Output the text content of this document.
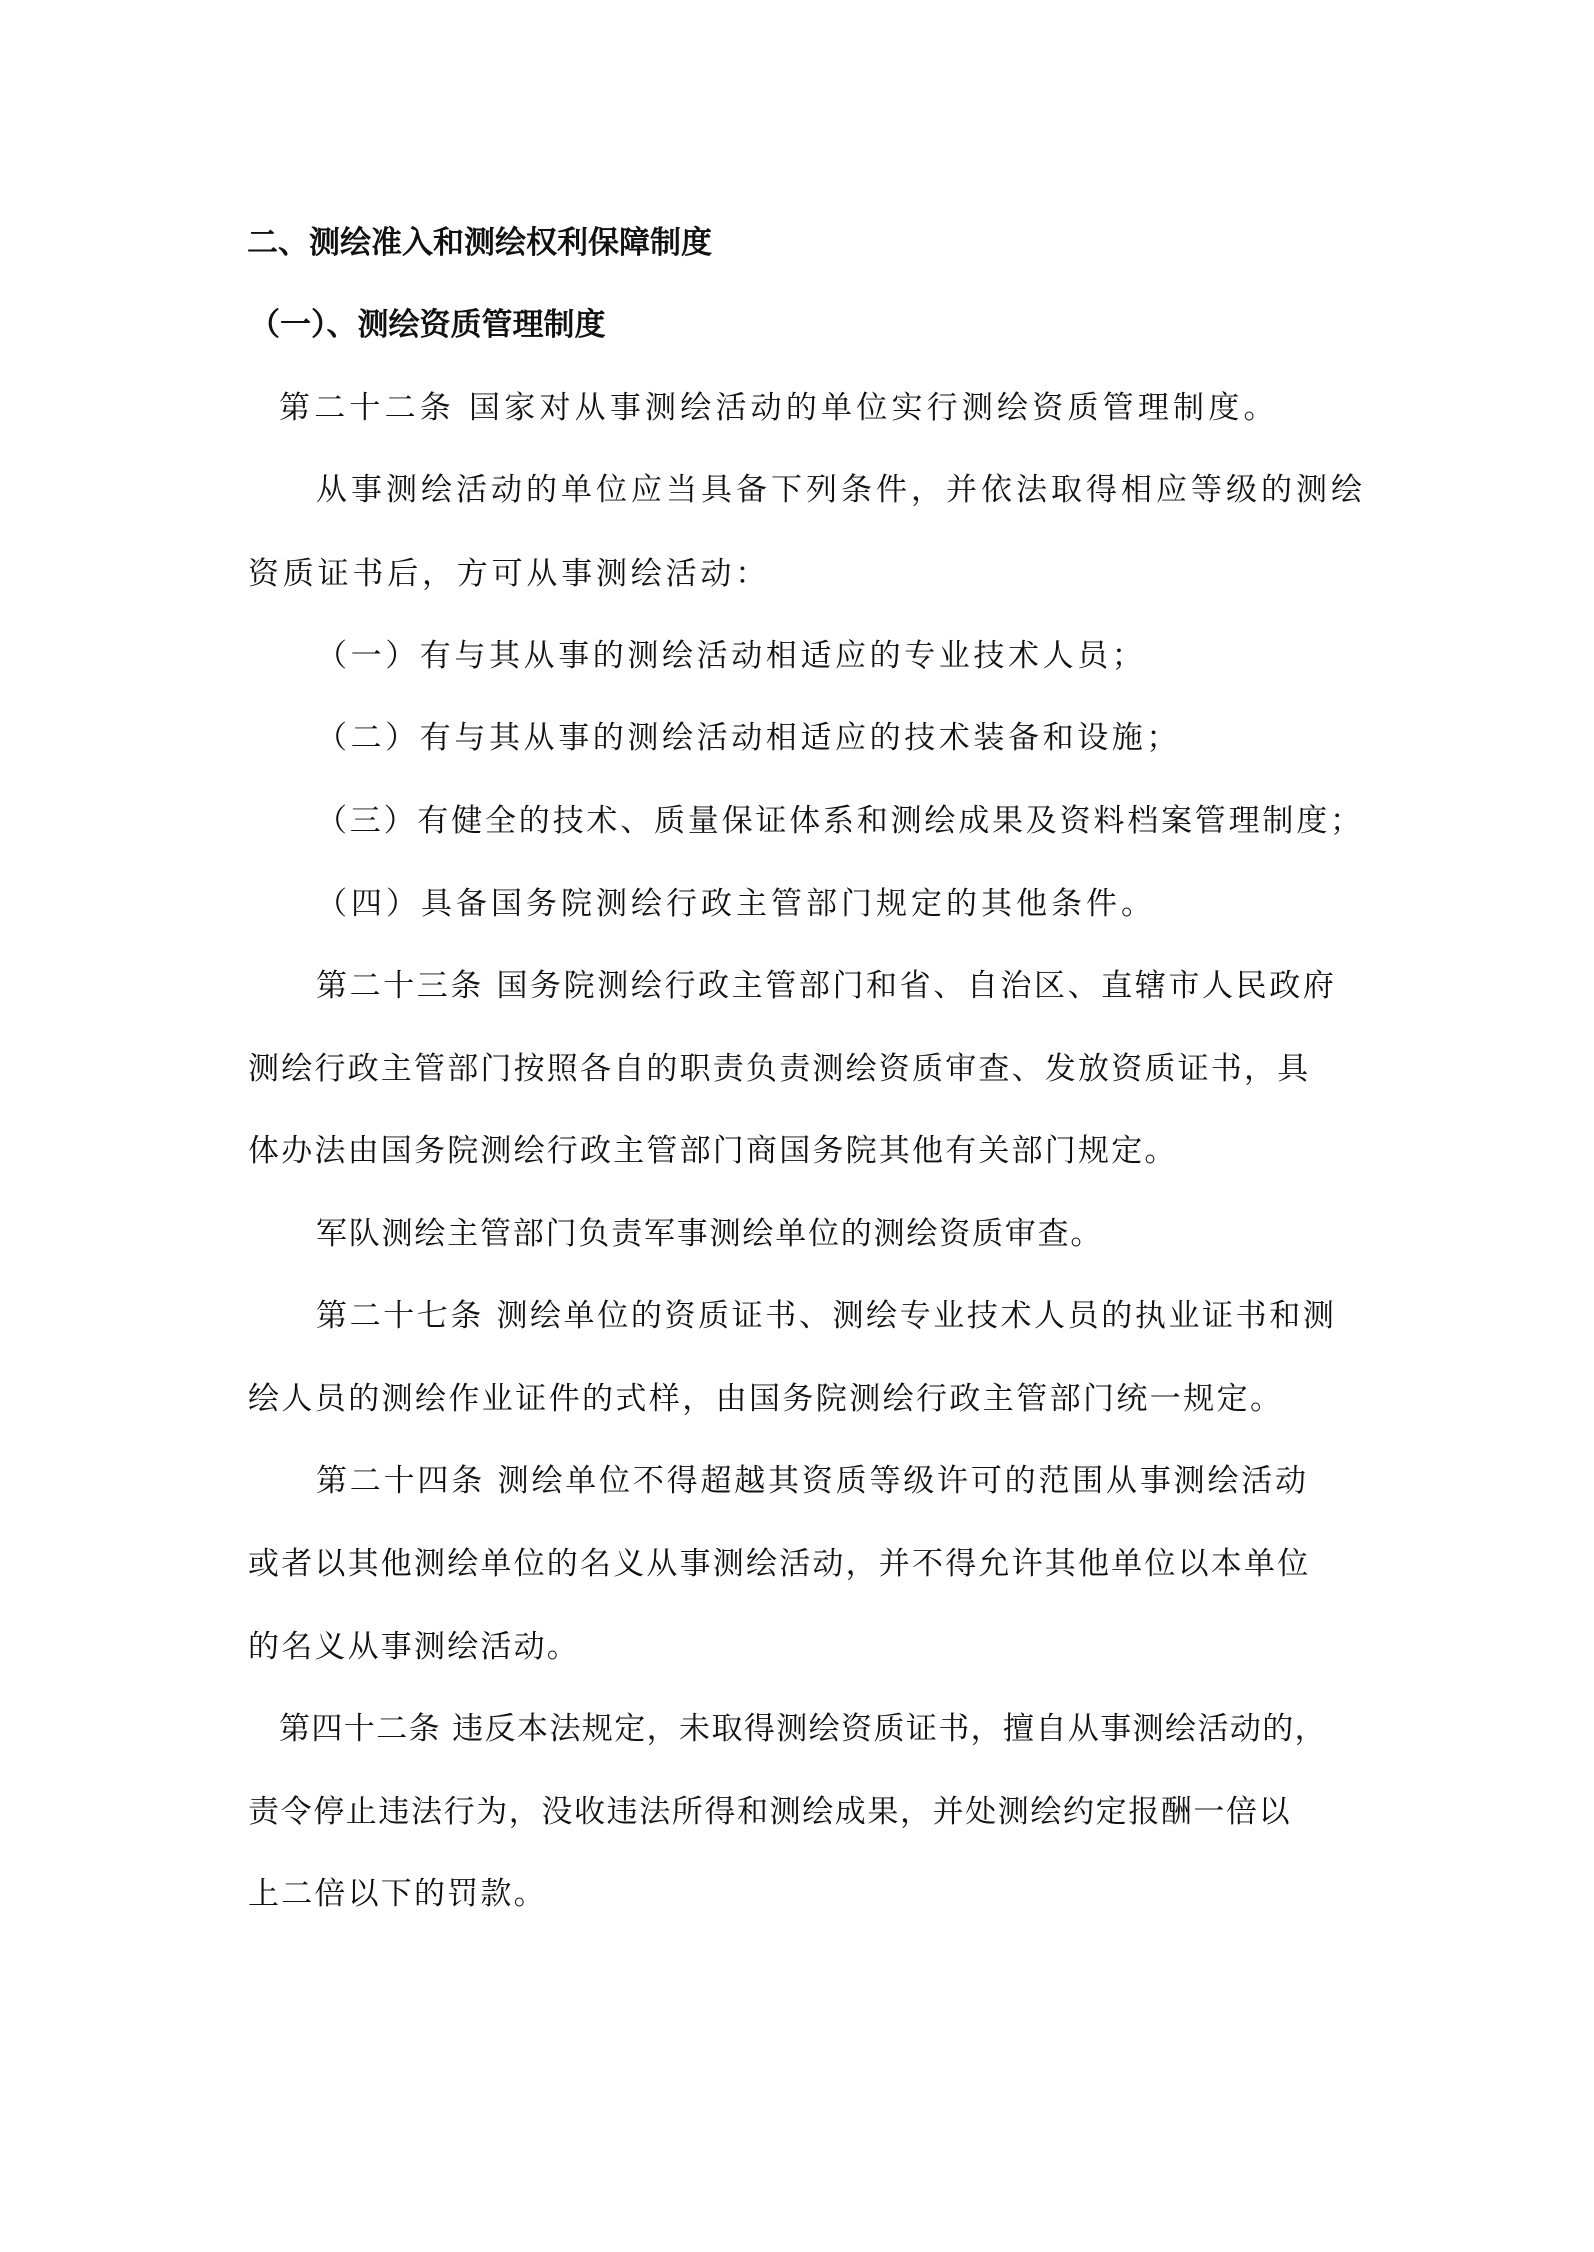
二、测绘准入和测绘权利保障制度
（一）、测绘资质管理制度
第二十二条 国家对从事测绘活动的单位实行测绘资质管理制度。
从事测绘活动的单位应当具备下列条件，并依法取得相应等级的测绘
资质证书后，方可从事测绘活动：
（一）有与其从事的测绘活动相适应的专业技术人员；
（二）有与其从事的测绘活动相适应的技术装备和设施；
（三）有健全的技术、质量保证体系和测绘成果及资料档案管理制度；
（四）具备国务院测绘行政主管部门规定的其他条件。
第二十三条 国务院测绘行政主管部门和省、自治区、直辖市人民政府
测绘行政主管部门按照各自的职责负责测绘资质审查、发放资质证书，具
体办法由国务院测绘行政主管部门商国务院其他有关部门规定。
军队测绘主管部门负责军事测绘单位的测绘资质审查。
第二十七条 测绘单位的资质证书、测绘专业技术人员的执业证书和测
绘人员的测绘作业证件的式样，由国务院测绘行政主管部门统一规定。
第二十四条 测绘单位不得超越其资质等级许可的范围从事测绘活动
或者以其他测绘单位的名义从事测绘活动，并不得允许其他单位以本单位
的名义从事测绘活动。
第四十二条 违反本法规定，未取得测绘资质证书，擅自从事测绘活动的，
责令停止违法行为，没收违法所得和测绘成果，并处测绘约定报酬一倍以
上二倍以下的罚款。
